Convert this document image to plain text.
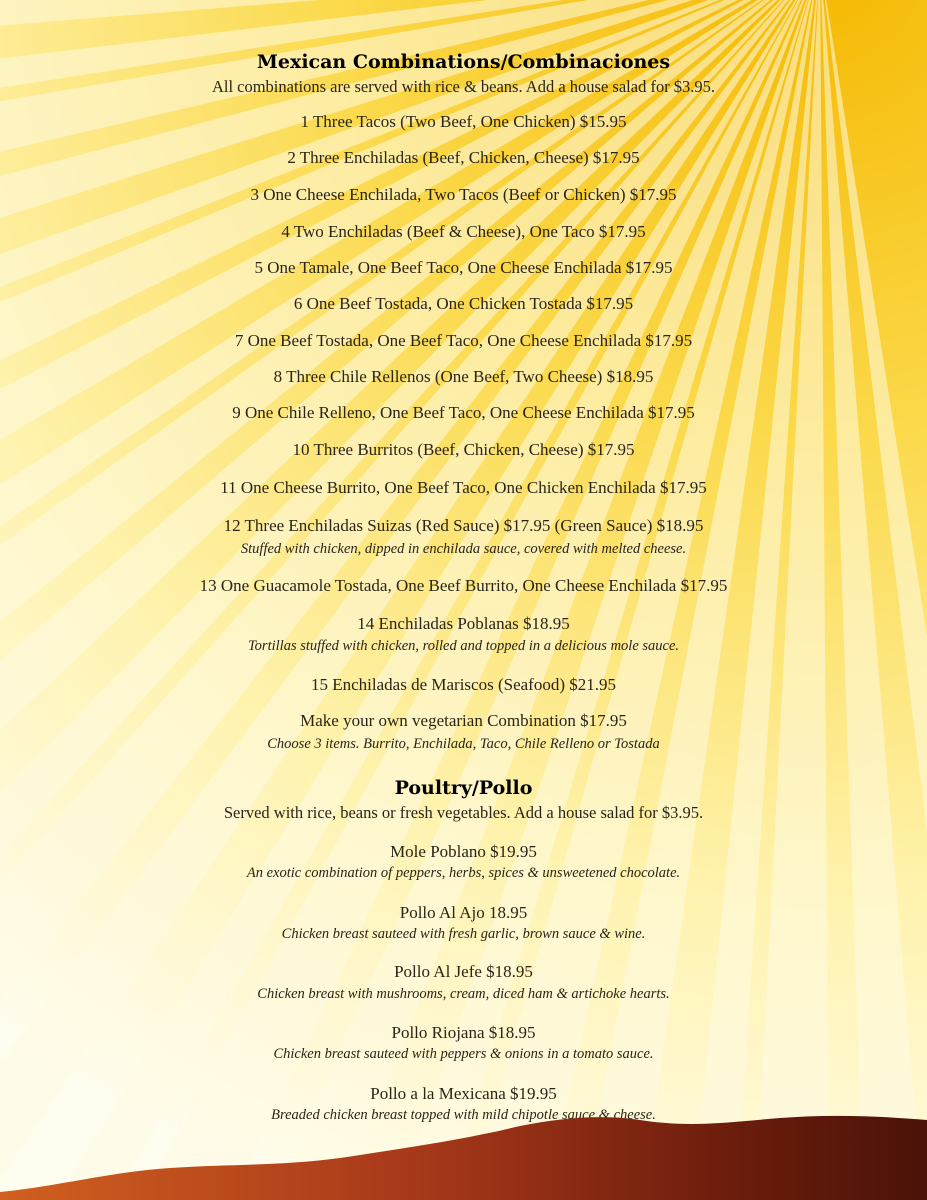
Mexican Combinations/Combinaciones
All combinations are served with rice & beans. Add a house salad for $3.95.
1 Three Tacos (Two Beef, One Chicken) $15.95
2 Three Enchiladas (Beef, Chicken, Cheese) $17.95
3 One Cheese Enchilada, Two Tacos (Beef or Chicken) $17.95
4 Two Enchiladas (Beef & Cheese), One Taco $17.95
5 One Tamale, One Beef Taco, One Cheese Enchilada $17.95
6 One Beef Tostada, One Chicken Tostada $17.95
7 One Beef Tostada, One Beef Taco, One Cheese Enchilada $17.95
8 Three Chile Rellenos (One Beef, Two Cheese) $18.95
9 One Chile Relleno, One Beef Taco, One Cheese Enchilada $17.95
10 Three Burritos (Beef, Chicken, Cheese) $17.95
11 One Cheese Burrito, One Beef Taco, One Chicken Enchilada $17.95
12 Three Enchiladas Suizas (Red Sauce) $17.95 (Green Sauce) $18.95
Stuffed with chicken, dipped in enchilada sauce, covered with melted cheese.
13 One Guacamole Tostada, One Beef Burrito, One Cheese Enchilada $17.95
14 Enchiladas Poblanas $18.95
Tortillas stuffed with chicken, rolled and topped in a delicious mole sauce.
15 Enchiladas de Mariscos (Seafood) $21.95
Make your own vegetarian Combination $17.95
Choose 3 items. Burrito, Enchilada, Taco, Chile Relleno or Tostada
Poultry/Pollo
Served with rice, beans or fresh vegetables. Add a house salad for $3.95.
Mole Poblano $19.95
An exotic combination of peppers, herbs, spices & unsweetened chocolate.
Pollo Al Ajo 18.95
Chicken breast sauteed with fresh garlic, brown sauce & wine.
Pollo Al Jefe $18.95
Chicken breast with mushrooms, cream, diced ham & artichoke hearts.
Pollo Riojana $18.95
Chicken breast sauteed with peppers & onions in a tomato sauce.
Pollo a la Mexicana $19.95
Breaded chicken breast topped with mild chipotle sauce & cheese.
